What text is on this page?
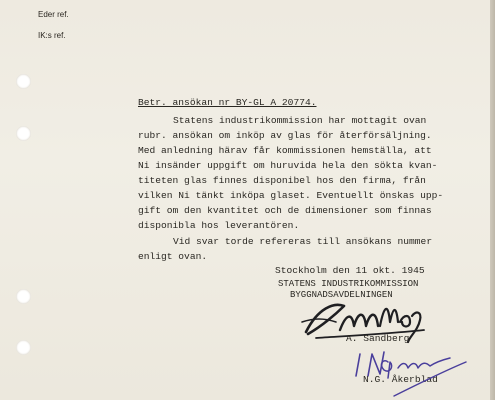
Eder ref.
IK:s ref.
Betr. ansökan nr BY-GL A 20774.
Statens industrikommission har mottagit ovan
rubr. ansökan om inköp av glas för återförsäljning.
Med anledning härav får kommissionen hemställa, att
Ni insänder uppgift om huruvida hela den sökta kvan-
titeten glas finnes disponibel hos den firma, från
vilken Ni tänkt inköpa glaset. Eventuellt önskas upp-
gift om den kvantitet och de dimensioner som finnas
disponibla hos leverantören.
Vid svar torde refereras till ansökans nummer
enligt ovan.
Stockholm den 11 okt. 1945
STATENS INDUSTRIKOMMISSION
BYGGNADSAVDELNINGEN
A. Sandberg
N.G. Åkerblad
